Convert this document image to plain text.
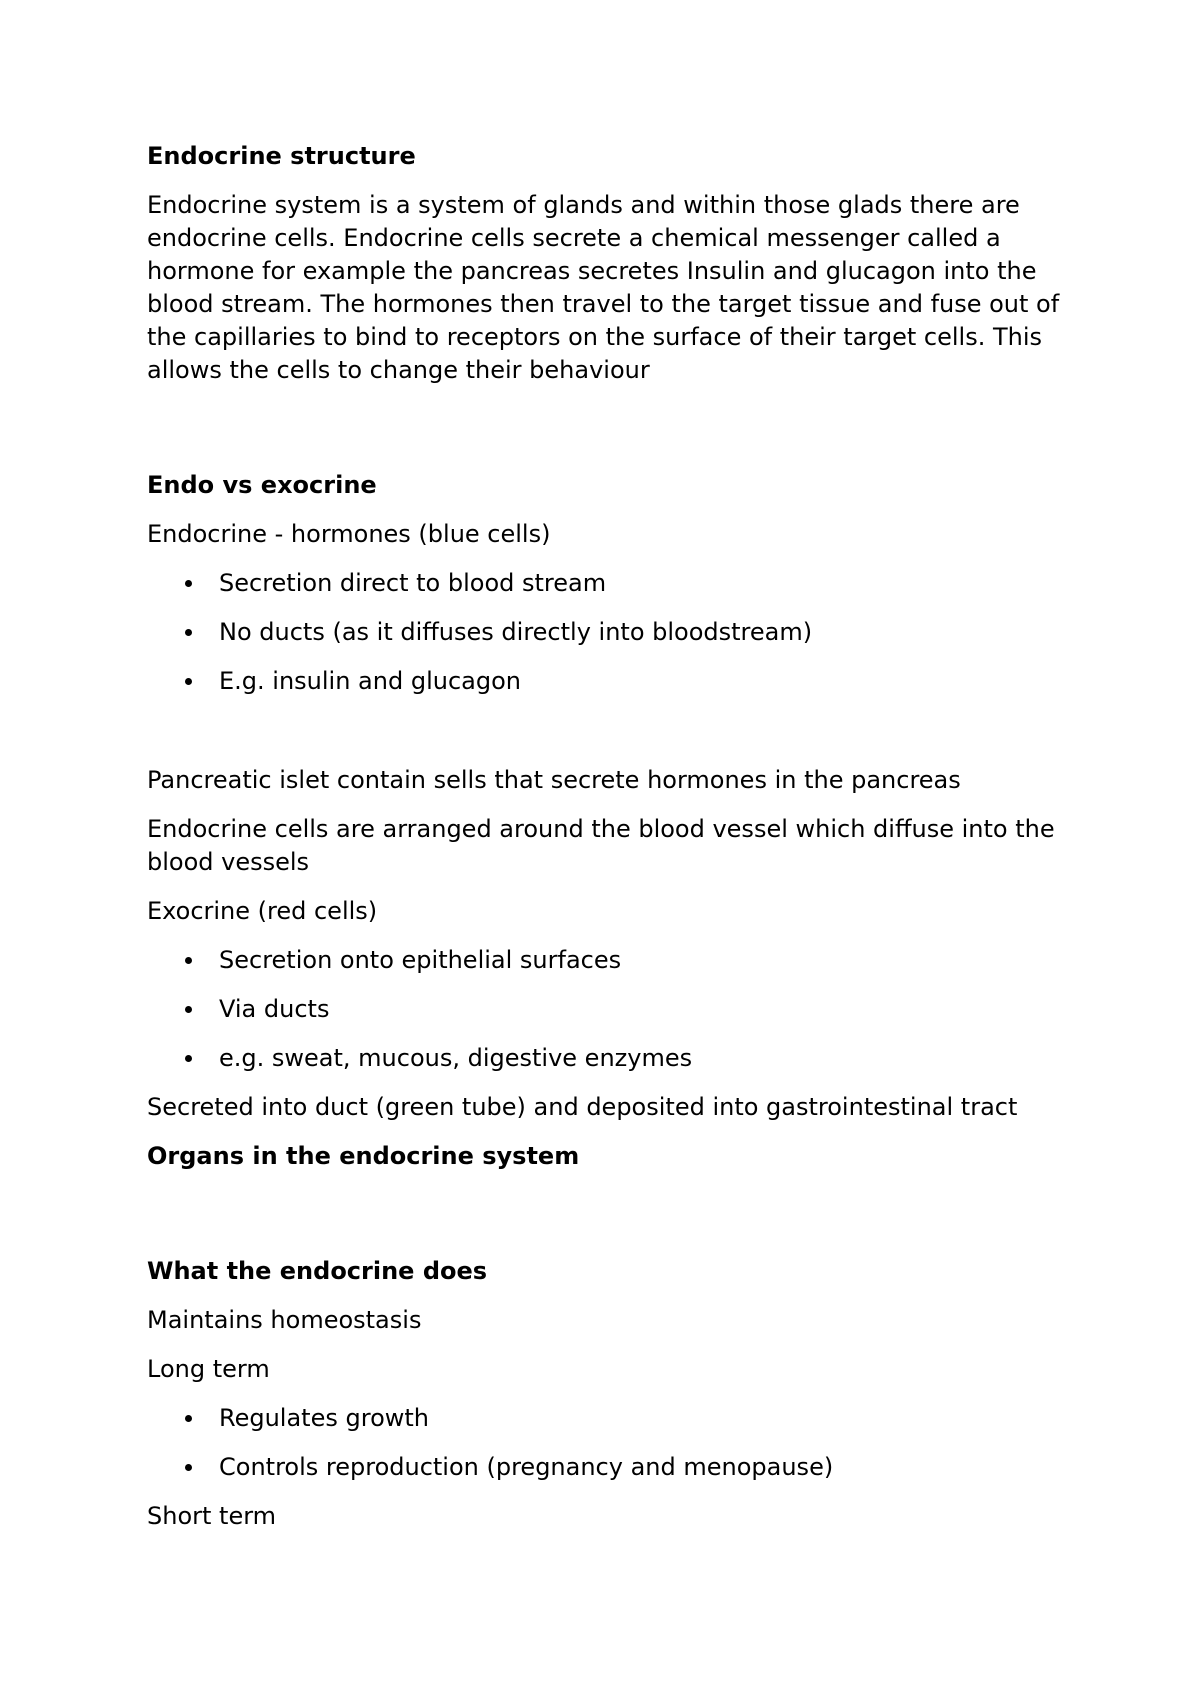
Endocrine structure
Endocrine system is a system of glands and within those glads there are endocrine cells. Endocrine cells secrete a chemical messenger called a hormone for example the pancreas secretes Insulin and glucagon into the blood stream. The hormones then travel to the target tissue and fuse out of the capillaries to bind to receptors on the surface of their target cells. This allows the cells to change their behaviour
Endo vs exocrine
Endocrine - hormones (blue cells)
Secretion direct to blood stream
No ducts (as it diffuses directly into bloodstream)
E.g. insulin and glucagon
Pancreatic islet contain sells that secrete hormones in the pancreas
Endocrine cells are arranged around the blood vessel which diffuse into the blood vessels
Exocrine (red cells)
Secretion onto epithelial surfaces
Via ducts
e.g. sweat, mucous, digestive enzymes
Secreted into duct (green tube) and deposited into gastrointestinal tract
Organs in the endocrine system
What the endocrine does
Maintains homeostasis
Long term
Regulates growth
Controls reproduction (pregnancy and menopause)
Short term
